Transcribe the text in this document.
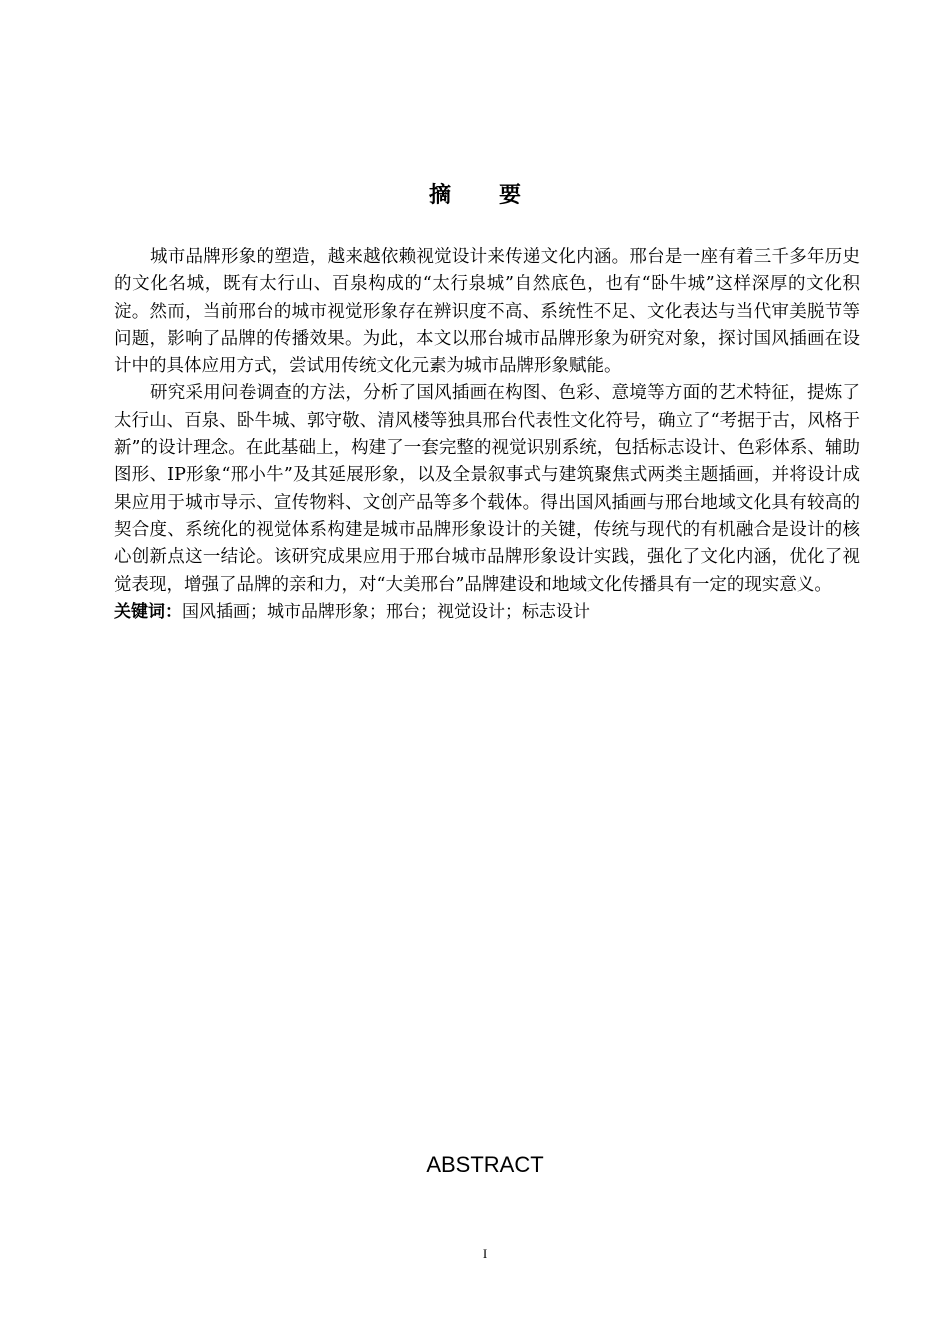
摘 要

城市品牌形象的塑造，越来越依赖视觉设计来传递文化内涵。邢台是一座有着三千多年历史的文化名城，既有太行山、百泉构成的“太行泉城”自然底色，也有“卧牛城”这样深厚的文化积淀。然而，当前邢台的城市视觉形象存在辨识度不高、系统性不足、文化表达与当代审美脱节等问题，影响了品牌的传播效果。为此，本文以邢台城市品牌形象为研究对象，探讨国风插画在设计中的具体应用方式，尝试用传统文化元素为城市品牌形象赋能。

研究采用问卷调查的方法，分析了国风插画在构图、色彩、意境等方面的艺术特征，提炼了太行山、百泉、卧牛城、郭守敬、清风楼等独具邢台代表性文化符号，确立了“考据于古，风格于新”的设计理念。在此基础上，构建了一套完整的视觉识别系统，包括标志设计、色彩体系、辅助图形、IP形象“邢小牛”及其延展形象，以及全景叙事式与建筑聚焦式两类主题插画，并将设计成果应用于城市导示、宣传物料、文创产品等多个载体。得出国风插画与邢台地域文化具有较高的契合度、系统化的视觉体系构建是城市品牌形象设计的关键，传统与现代的有机融合是设计的核心创新点这一结论。该研究成果应用于邢台城市品牌形象设计实践，强化了文化内涵，优化了视觉表现，增强了品牌的亲和力，对“大美邢台”品牌建设和地域文化传播具有一定的现实意义。

关键词：国风插画；城市品牌形象；邢台；视觉设计；标志设计

ABSTRACT
I
